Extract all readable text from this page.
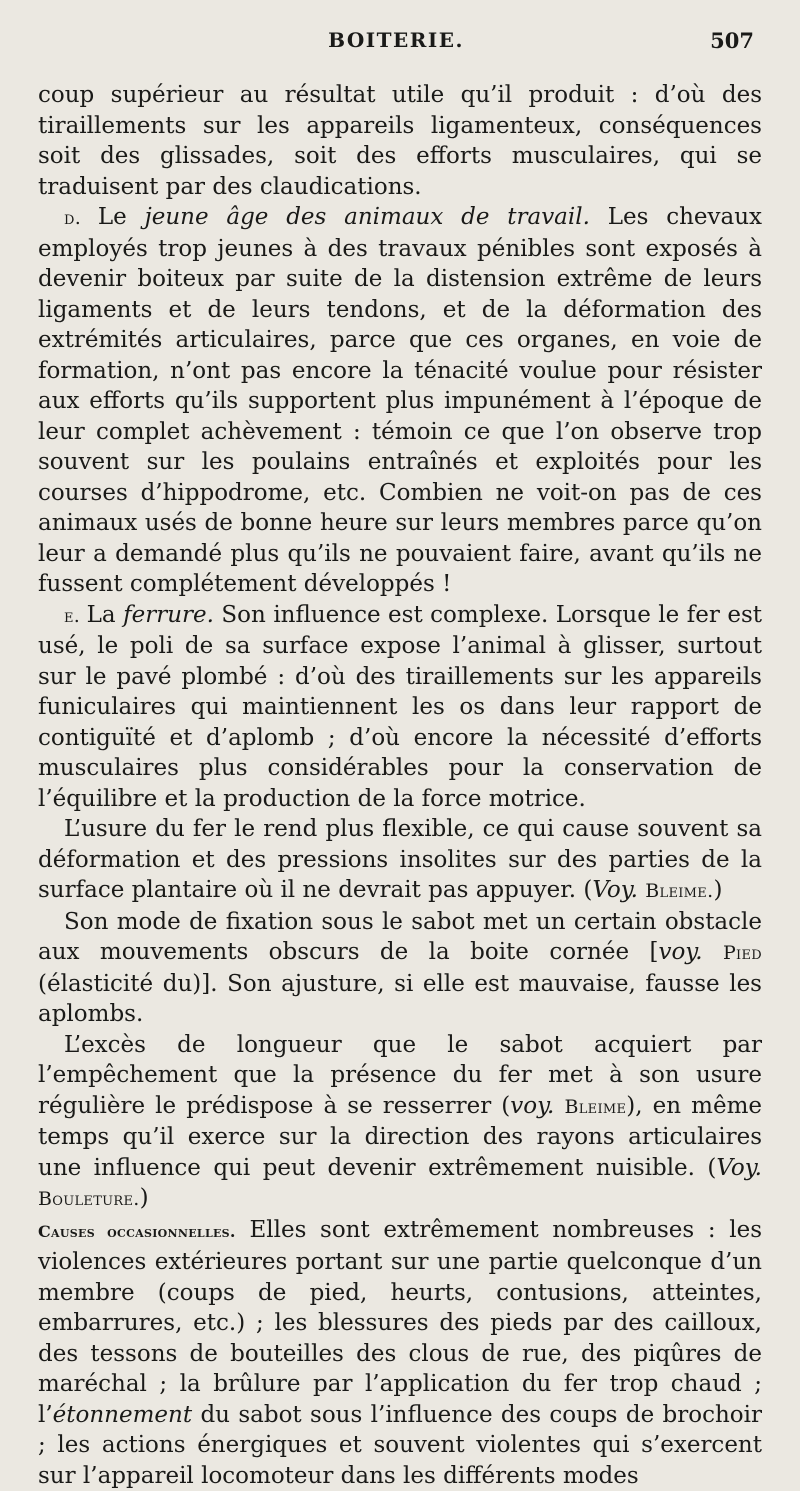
BOITERIE.	507

coup supérieur au résultat utile qu’il produit : d’où des tiraillements sur les appareils ligamenteux, conséquences soit des glissades, soit des efforts musculaires, qui se traduisent par des claudications.

d. Le jeune âge des animaux de travail. Les chevaux employés trop jeunes à des travaux pénibles sont exposés à devenir boiteux par suite de la distension extrême de leurs ligaments et de leurs tendons, et de la déformation des extrémités articulaires, parce que ces organes, en voie de formation, n’ont pas encore la ténacité voulue pour résister aux efforts qu’ils supportent plus impunément à l’époque de leur complet achèvement : témoin ce que l’on observe trop souvent sur les poulains entraînés et exploités pour les courses d’hippodrome, etc. Combien ne voit-on pas de ces animaux usés de bonne heure sur leurs membres parce qu’on leur a demandé plus qu’ils ne pouvaient faire, avant qu’ils ne fussent complétement développés !

e. La ferrure. Son influence est complexe. Lorsque le fer est usé, le poli de sa surface expose l’animal à glisser, surtout sur le pavé plombé : d’où des tiraillements sur les appareils funiculaires qui maintiennent les os dans leur rapport de contiguïté et d’aplomb ; d’où encore la nécessité d’efforts musculaires plus considérables pour la conservation de l’équilibre et la production de la force motrice.

L’usure du fer le rend plus flexible, ce qui cause souvent sa déformation et des pressions insolites sur des parties de la surface plantaire où il ne devrait pas appuyer. (Voy. Bleime.)

Son mode de fixation sous le sabot met un certain obstacle aux mouvements obscurs de la boite cornée [voy. Pied (élasticité du)]. Son ajusture, si elle est mauvaise, fausse les aplombs.

L’excès de longueur que le sabot acquiert par l’empêchement que la présence du fer met à son usure régulière le prédispose à se resserrer (voy. Bleime), en même temps qu’il exerce sur la direction des rayons articulaires une influence qui peut devenir extrêmement nuisible. (Voy. Bouleture.)

Causes occasionnelles. Elles sont extrêmement nombreuses : les violences extérieures portant sur une partie quelconque d’un membre (coups de pied, heurts, contusions, atteintes, embarrures, etc.) ; les blessures des pieds par des cailloux, des tessons de bouteilles des clous de rue, des piqûres de maréchal ; la brûlure par l’application du fer trop chaud ; l’étonnement du sabot sous l’influence des coups de brochoir ; les actions énergiques et souvent violentes qui s’exercent sur l’appareil locomoteur dans les différents modes
